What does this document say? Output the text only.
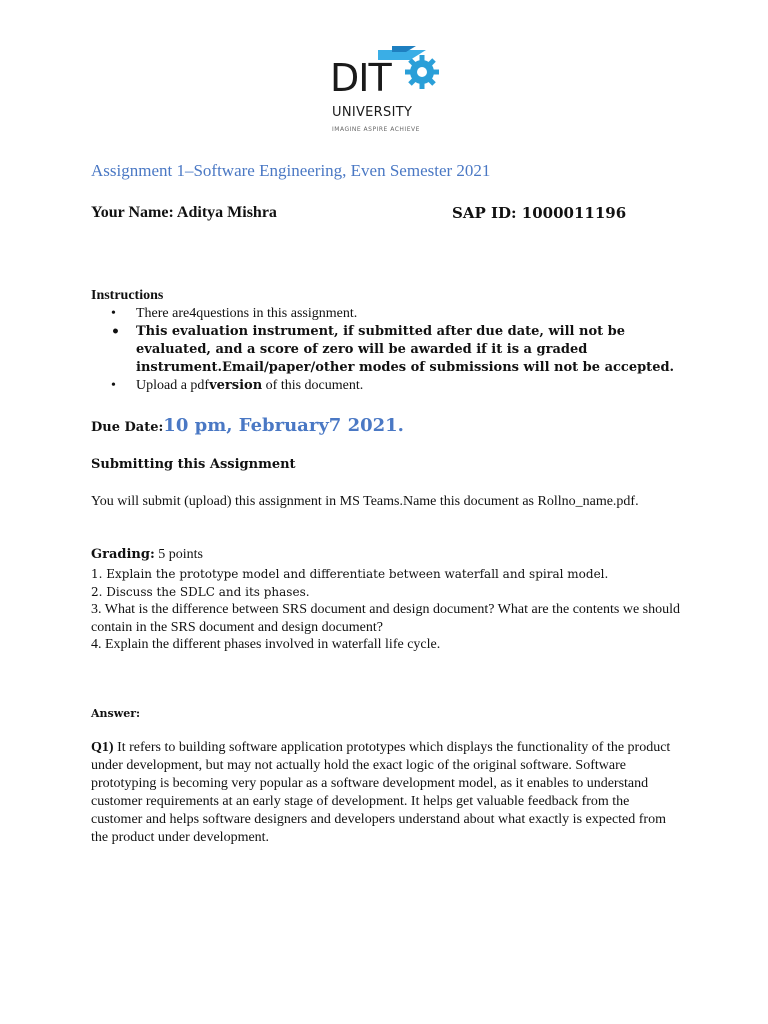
DIT
UNIVERSITY
IMAGINE ASPIRE ACHIEVE
Assignment 1–Software Engineering, Even Semester 2021
Your Name: Aditya Mishra	SAP ID: 1000011196
Instructions
• There are4questions in this assignment.
• This evaluation instrument, if submitted after due date, will not be evaluated, and a score of zero will be awarded if it is a graded instrument.Email/paper/other modes of submissions will not be accepted.
• Upload a pdfversion of this document.
Due Date:10 pm, February7 2021.
Submitting this Assignment
You will submit (upload) this assignment in MS Teams.Name this document as Rollno_name.pdf.
Grading: 5 points
1. Explain the prototype model and differentiate between waterfall and spiral model.
2. Discuss the SDLC and its phases.
3. What is the difference between SRS document and design document? What are the contents we should contain in the SRS document and design document?
4. Explain the different phases involved in waterfall life cycle.
Answer:
Q1) It refers to building software application prototypes which displays the functionality of the product under development, but may not actually hold the exact logic of the original software. Software prototyping is becoming very popular as a software development model, as it enables to understand customer requirements at an early stage of development. It helps get valuable feedback from the customer and helps software designers and developers understand about what exactly is expected from the product under development.
